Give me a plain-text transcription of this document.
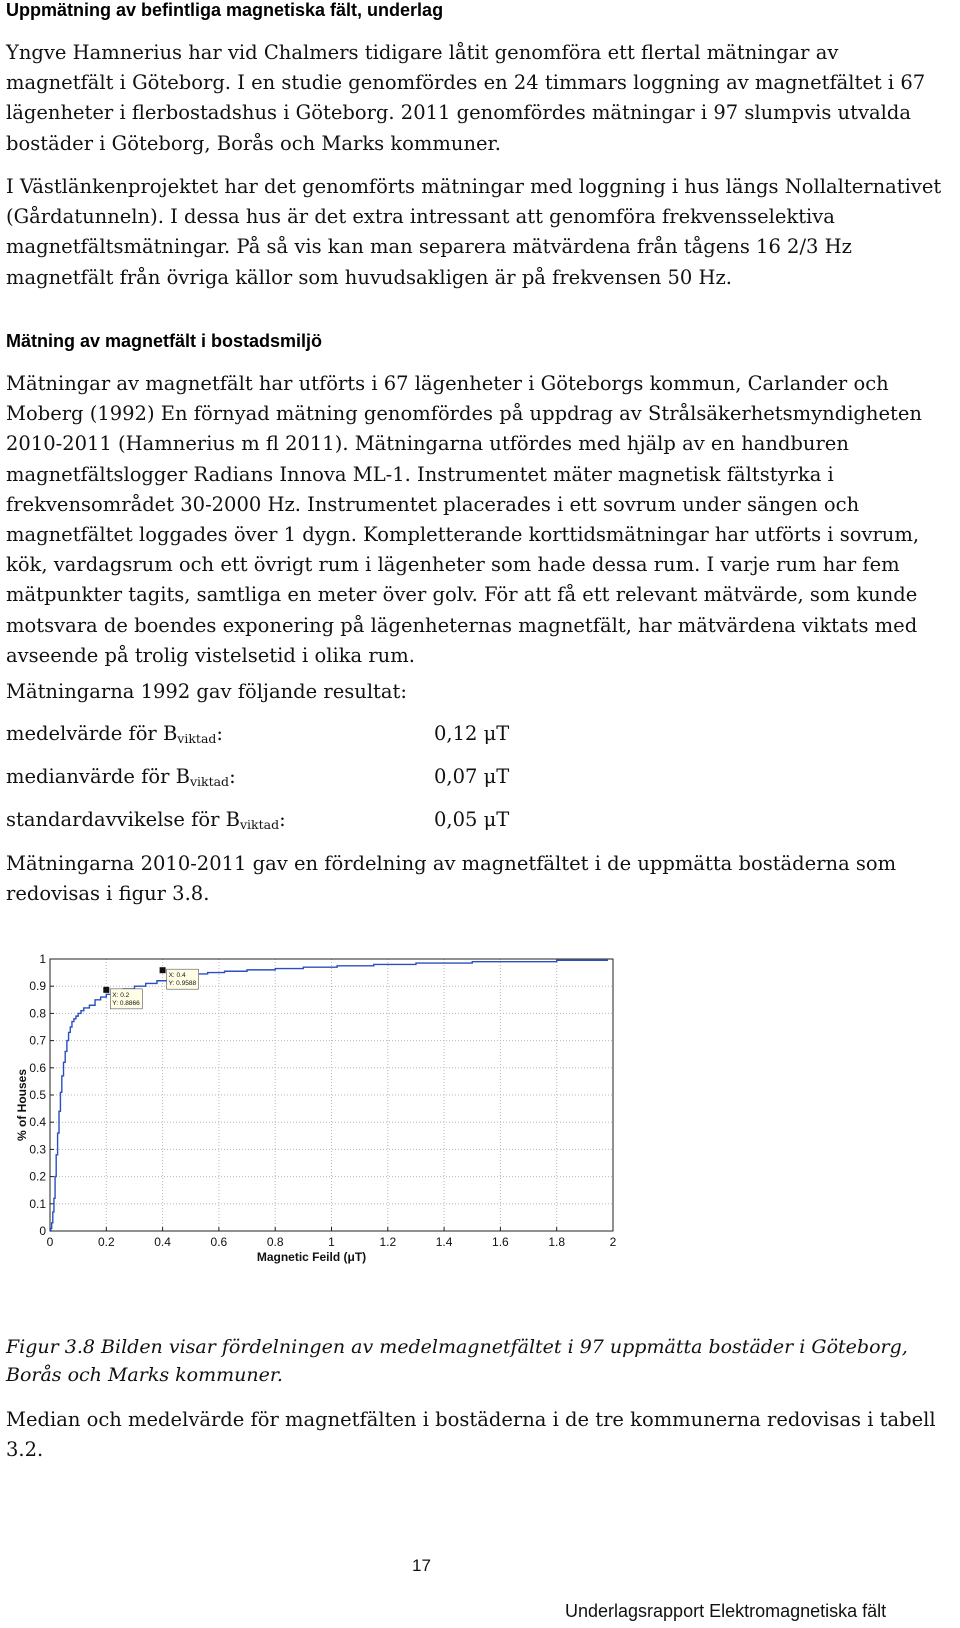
Uppmätning av befintliga magnetiska fält, underlag

Yngve Hamnerius har vid Chalmers tidigare låtit genomföra ett flertal mätningar av magnetfält i Göteborg. I en studie genomfördes en 24 timmars loggning av magnetfältet i 67 lägenheter i flerbostadshus i Göteborg. 2011 genomfördes mätningar i 97 slumpvis utvalda bostäder i Göteborg, Borås och Marks kommuner.

I Västlänkenprojektet har det genomförts mätningar med loggning i hus längs Nollalternativet (Gårdatunneln). I dessa hus är det extra intressant att genomföra frekvensselektiva magnetfältsmätningar. På så vis kan man separera mätvärdena från tågens 16 2/3 Hz magnetfält från övriga källor som huvudsakligen är på frekvensen 50 Hz.

Mätning av magnetfält i bostadsmiljö

Mätningar av magnetfält har utförts i 67 lägenheter i Göteborgs kommun, Carlander och Moberg (1992) En förnyad mätning genomfördes på uppdrag av Strålsäkerhetsmyndigheten 2010-2011 (Hamnerius m fl 2011). Mätningarna utfördes med hjälp av en handburen magnetfältslogger Radians Innova ML-1. Instrumentet mäter magnetisk fältstyrka i frekvensområdet 30-2000 Hz. Instrumentet placerades i ett sovrum under sängen och magnetfältet loggades över 1 dygn. Kompletterande korttidsmätningar har utförts i sovrum, kök, vardagsrum och ett övrigt rum i lägenheter som hade dessa rum. I varje rum har fem mätpunkter tagits, samtliga en meter över golv. För att få ett relevant mätvärde, som kunde motsvara de boendes exponering på lägenheternas magnetfält, har mätvärdena viktats med avseende på trolig vistelsetid i olika rum.

Mätningarna 1992 gav följande resultat:

medelvärde för $B_{viktad}$:	0,12 μT
medianvärde för $B_{viktad}$:	0,07 μT
standardavvikelse för $B_{viktad}$:	0,05 μT

Mätningarna 2010-2011 gav en fördelning av magnetfältet i de uppmätta bostäderna som redovisas i figur 3.8.

0	0.2	0.4	0.6	0.8	1	1.2	1.4	1.6	1.8	2
0
0.1
0.2
0.3
0.4
0.5
0.6
0.7
0.8
0.9
1
Magnetic Feild (μT)
% of Houses
X: 0.2
Y: 0.8866
X: 0.4
Y: 0.9588

Figur 3.8 Bilden visar fördelningen av medelmagnetfältet i 97 uppmätta bostäder i Göteborg, Borås och Marks kommuner.

Median och medelvärde för magnetfälten i bostäderna i de tre kommunerna redovisas i tabell 3.2.

17
Underlagsrapport Elektromagnetiska fält
